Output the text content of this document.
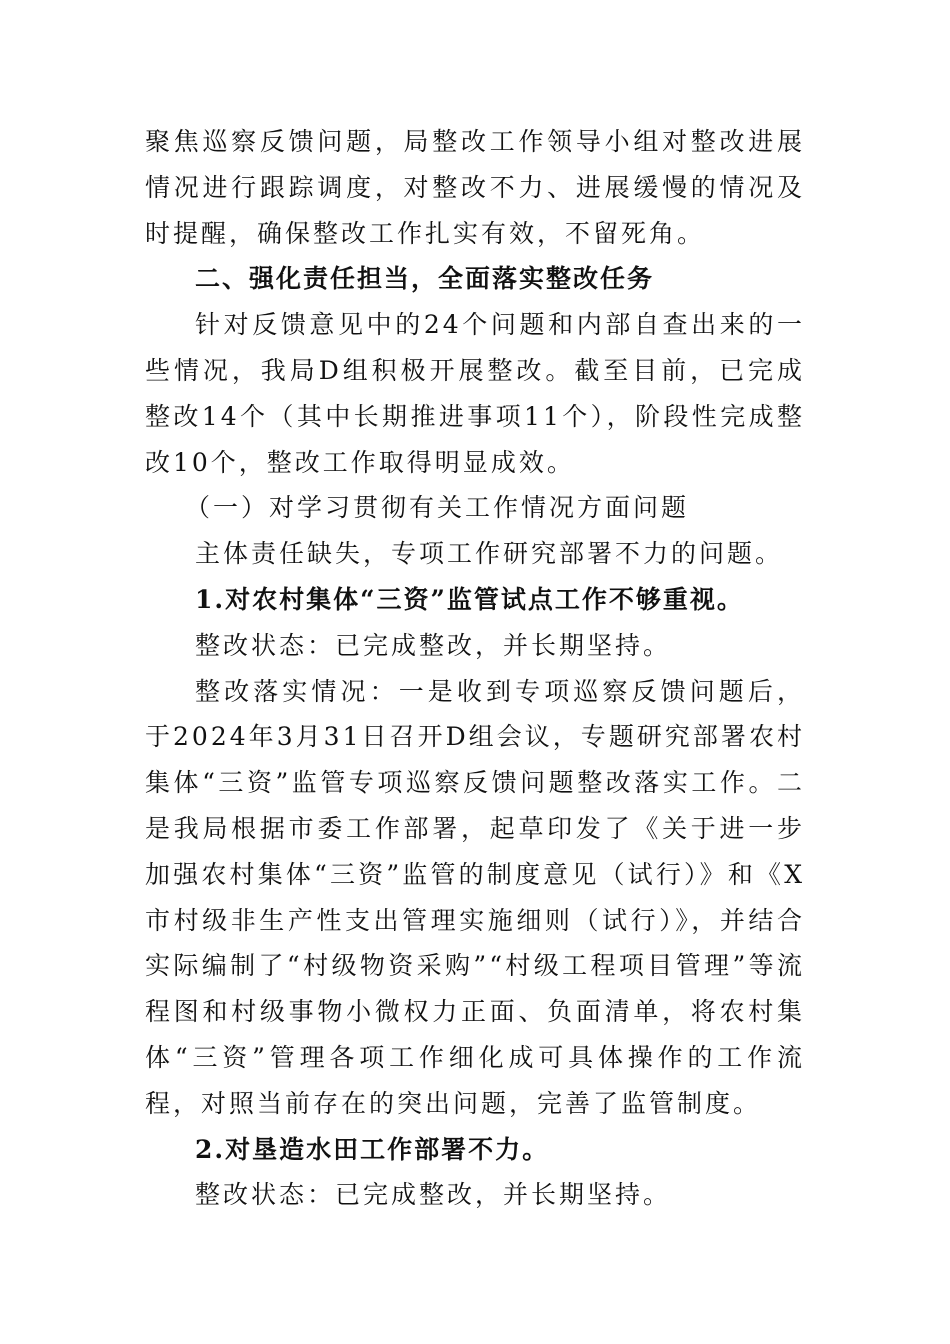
聚焦巡察反馈问题，局整改工作领导小组对整改进展情况进行跟踪调度，对整改不力、进展缓慢的情况及时提醒，确保整改工作扎实有效，不留死角。

二、强化责任担当，全面落实整改任务

针对反馈意见中的24个问题和内部自查出来的一些情况，我局D组积极开展整改。截至目前，已完成整改14个（其中长期推进事项11个），阶段性完成整改10个，整改工作取得明显成效。

（一）对学习贯彻有关工作情况方面问题

主体责任缺失，专项工作研究部署不力的问题。

1.对农村集体“三资”监管试点工作不够重视。

整改状态：已完成整改，并长期坚持。

整改落实情况：一是收到专项巡察反馈问题后，于2024年3月31日召开D组会议，专题研究部署农村集体“三资”监管专项巡察反馈问题整改落实工作。二是我局根据市委工作部署，起草印发了《关于进一步加强农村集体“三资”监管的制度意见（试行）》和《X市村级非生产性支出管理实施细则（试行）》，并结合实际编制了“村级物资采购”“村级工程项目管理”等流程图和村级事物小微权力正面、负面清单，将农村集体“三资”管理各项工作细化成可具体操作的工作流程，对照当前存在的突出问题，完善了监管制度。

2.对垦造水田工作部署不力。

整改状态：已完成整改，并长期坚持。
